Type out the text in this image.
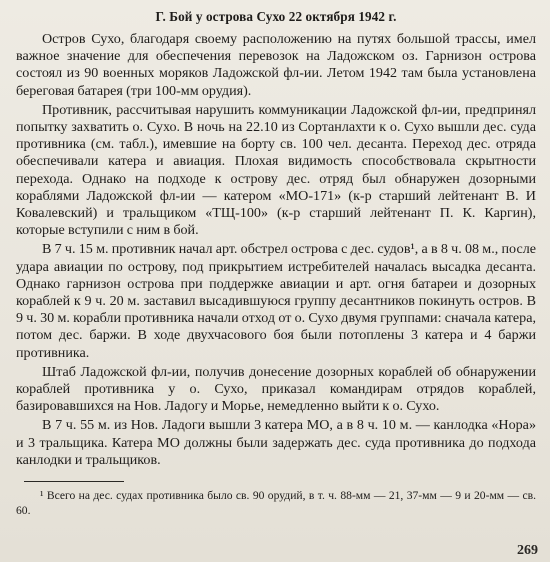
Г. Бой у острова Сухо 22 октября 1942 г.

Остров Сухо, благодаря своему расположению на путях большой трассы, имел важное значение для обеспечения перевозок на Ладожском оз. Гарнизон острова состоял из 90 военных моряков Ладожской фл-ии. Летом 1942 там была установлена береговая батарея (три 100-мм орудия).

Противник, рассчитывая нарушить коммуникации Ладожской фл-ии, предпринял попытку захватить о. Сухо. В ночь на 22.10 из Сортанлахти к о. Сухо вышли дес. суда противника (см. табл.), имевшие на борту св. 100 чел. десанта. Переход дес. отряда обеспечивали катера и авиация. Плохая видимость способствовала скрытности перехода. Однако на подходе к острову дес. отряд был обнаружен дозорными кораблями Ладожской фл-ии — катером «МО-171» (к-р старший лейтенант В. И Ковалевский) и тральщиком «ТЩ-100» (к-р старший лейтенант П. К. Каргин), которые вступили с ним в бой.

В 7 ч. 15 м. противник начал арт. обстрел острова с дес. судов¹, а в 8 ч. 08 м., после удара авиации по острову, под прикрытием истребителей началась высадка десанта. Однако гарнизон острова при поддержке авиации и арт. огня батареи и дозорных кораблей к 9 ч. 20 м. заставил высадившуюся группу десантников покинуть остров. В 9 ч. 30 м. корабли противника начали отход от о. Сухо двумя группами: сначала катера, потом дес. баржи. В ходе двухчасового боя были потоплены 3 катера и 4 баржи противника.

Штаб Ладожской фл-ии, получив донесение дозорных кораблей об обнаружении кораблей противника у о. Сухо, приказал командирам отрядов кораблей, базировавшихся на Нов. Ладогу и Морье, немедленно выйти к о. Сухо.

В 7 ч. 55 м. из Нов. Ладоги вышли 3 катера МО, а в 8 ч. 10 м. — канлодка «Нора» и 3 тральщика. Катера МО должны были задержать дес. суда противника до подхода канлодки и тральщиков.

¹ Всего на дес. судах противника было св. 90 орудий, в т. ч. 88-мм — 21, 37-мм — 9 и 20-мм — св. 60.

269
